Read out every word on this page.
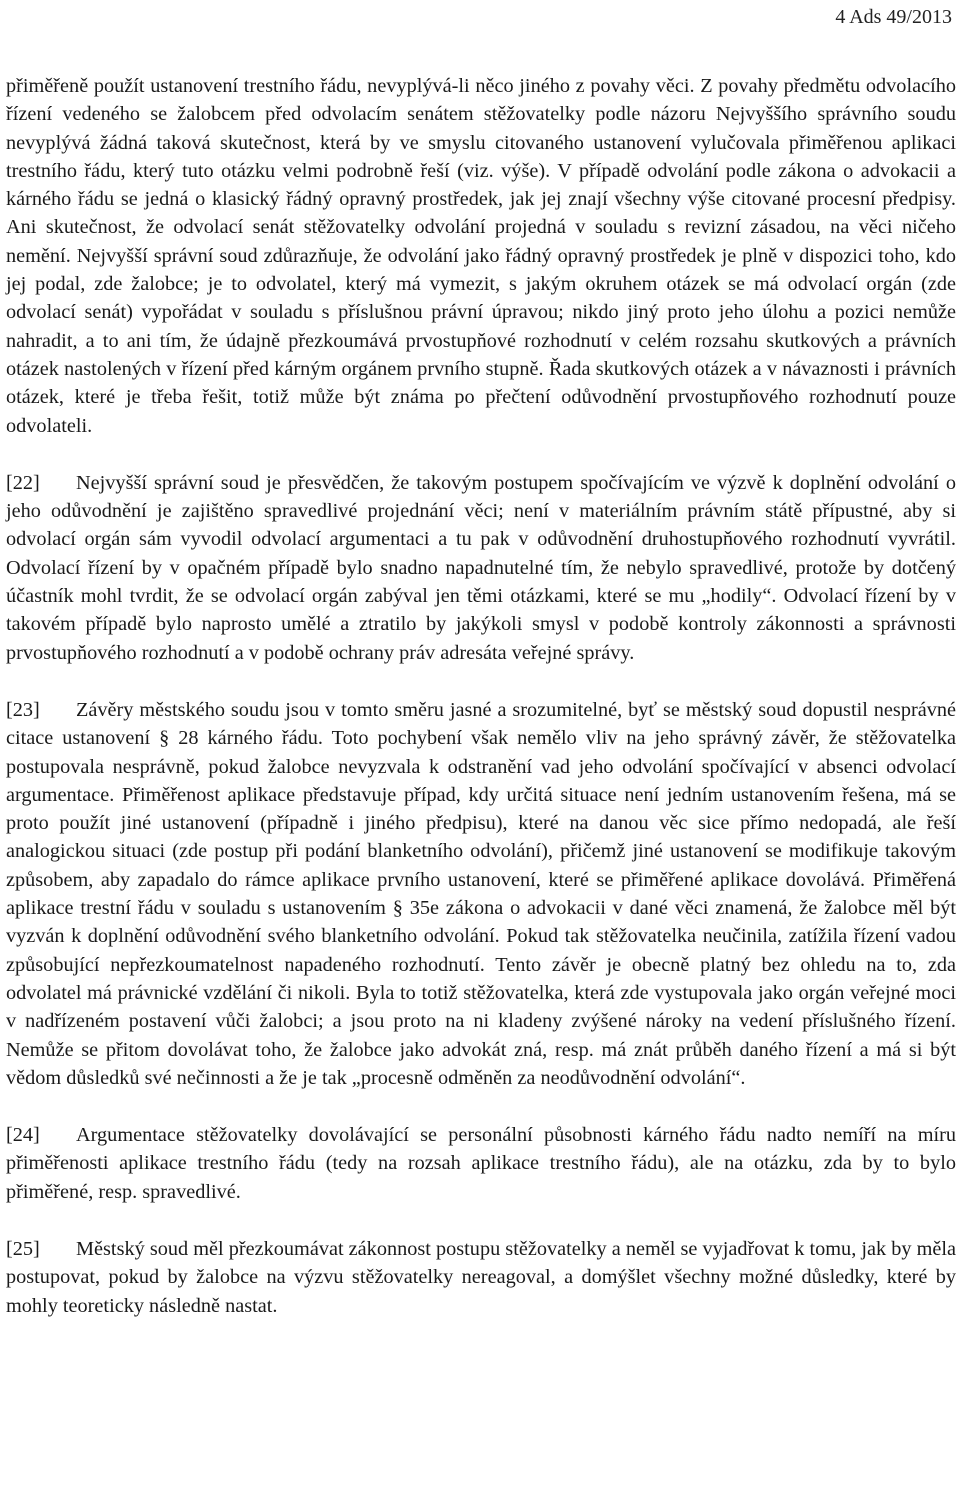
4 Ads 49/2013

přiměřeně použít ustanovení trestního řádu, nevyplývá-li něco jiného z povahy věci. Z povahy předmětu odvolacího řízení vedeného se žalobcem před odvolacím senátem stěžovatelky podle názoru Nejvyššího správního soudu nevyplývá žádná taková skutečnost, která by ve smyslu citovaného ustanovení vylučovala přiměřenou aplikaci trestního řádu, který tuto otázku velmi podrobně řeší (viz. výše). V případě odvolání podle zákona o advokacii a kárného řádu se jedná o klasický řádný opravný prostředek, jak jej znají všechny výše citované procesní předpisy. Ani skutečnost, že odvolací senát stěžovatelky odvolání projedná v souladu s revizní zásadou, na věci ničeho nemění. Nejvyšší správní soud zdůrazňuje, že odvolání jako řádný opravný prostředek je plně v dispozici toho, kdo jej podal, zde žalobce; je to odvolatel, který má vymezit, s jakým okruhem otázek se má odvolací orgán (zde odvolací senát) vypořádat v souladu s příslušnou právní úpravou; nikdo jiný proto jeho úlohu a pozici nemůže nahradit, a to ani tím, že údajně přezkoumává prvostupňové rozhodnutí v celém rozsahu skutkových a právních otázek nastolených v řízení před kárným orgánem prvního stupně. Řada skutkových otázek a v návaznosti i právních otázek, které je třeba řešit, totiž může být známa po přečtení odůvodnění prvostupňového rozhodnutí pouze odvolateli.

[22] Nejvyšší správní soud je přesvědčen, že takovým postupem spočívajícím ve výzvě k doplnění odvolání o jeho odůvodnění je zajištěno spravedlivé projednání věci; není v materiálním právním státě přípustné, aby si odvolací orgán sám vyvodil odvolací argumentaci a tu pak v odůvodnění druhostupňového rozhodnutí vyvrátil. Odvolací řízení by v opačném případě bylo snadno napadnutelné tím, že nebylo spravedlivé, protože by dotčený účastník mohl tvrdit, že se odvolací orgán zabýval jen těmi otázkami, které se mu „hodily“. Odvolací řízení by v takovém případě bylo naprosto umělé a ztratilo by jakýkoli smysl v podobě kontroly zákonnosti a správnosti prvostupňového rozhodnutí a v podobě ochrany práv adresáta veřejné správy.

[23] Závěry městského soudu jsou v tomto směru jasné a srozumitelné, byť se městský soud dopustil nesprávné citace ustanovení § 28 kárného řádu. Toto pochybení však nemělo vliv na jeho správný závěr, že stěžovatelka postupovala nesprávně, pokud žalobce nevyzvala k odstranění vad jeho odvolání spočívající v absenci odvolací argumentace. Přiměřenost aplikace představuje případ, kdy určitá situace není jedním ustanovením řešena, má se proto použít jiné ustanovení (případně i jiného předpisu), které na danou věc sice přímo nedopadá, ale řeší analogickou situaci (zde postup při podání blanketního odvolání), přičemž jiné ustanovení se modifikuje takovým způsobem, aby zapadalo do rámce aplikace prvního ustanovení, které se přiměřené aplikace dovolává. Přiměřená aplikace trestní řádu v souladu s ustanovením § 35e zákona o advokacii v dané věci znamená, že žalobce měl být vyzván k doplnění odůvodnění svého blanketního odvolání. Pokud tak stěžovatelka neučinila, zatížila řízení vadou způsobující nepřezkoumatelnost napadeného rozhodnutí. Tento závěr je obecně platný bez ohledu na to, zda odvolatel má právnické vzdělání či nikoli. Byla to totiž stěžovatelka, která zde vystupovala jako orgán veřejné moci v nadřízeném postavení vůči žalobci; a jsou proto na ni kladeny zvýšené nároky na vedení příslušného řízení. Nemůže se přitom dovolávat toho, že žalobce jako advokát zná, resp. má znát průběh daného řízení a má si být vědom důsledků své nečinnosti a že je tak „procesně odměněn za neodůvodnění odvolání“.

[24] Argumentace stěžovatelky dovolávající se personální působnosti kárného řádu nadto nemíří na míru přiměřenosti aplikace trestního řádu (tedy na rozsah aplikace trestního řádu), ale na otázku, zda by to bylo přiměřené, resp. spravedlivé.

[25] Městský soud měl přezkoumávat zákonnost postupu stěžovatelky a neměl se vyjadřovat k tomu, jak by měla postupovat, pokud by žalobce na výzvu stěžovatelky nereagoval, a domýšlet všechny možné důsledky, které by mohly teoreticky následně nastat.
